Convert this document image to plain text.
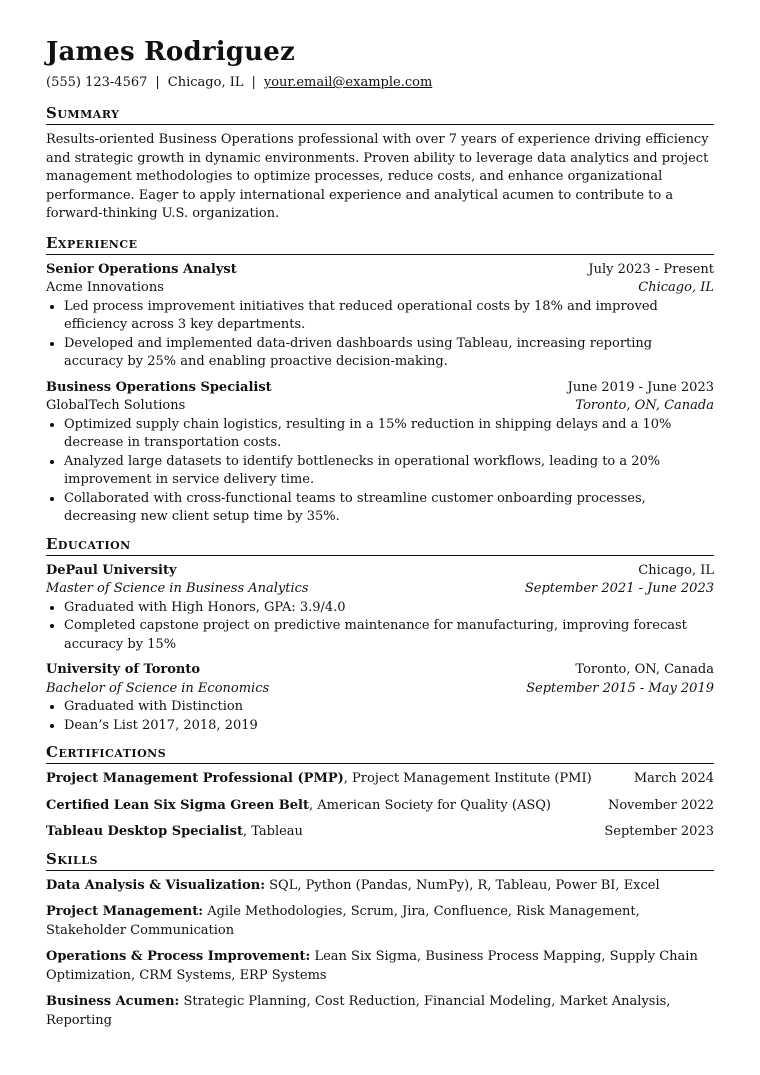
James Rodriguez
(555) 123-4567 | Chicago, IL | your.email@example.com
Summary
Results-oriented Business Operations professional with over 7 years of experience driving efficiency and strategic growth in dynamic environments. Proven ability to leverage data analytics and project management methodologies to optimize processes, reduce costs, and enhance organizational performance. Eager to apply international experience and analytical acumen to contribute to a forward-thinking U.S. organization.
Experience
Senior Operations Analyst	July 2023 - Present
Acme Innovations	Chicago, IL
• Led process improvement initiatives that reduced operational costs by 18% and improved efficiency across 3 key departments.
• Developed and implemented data-driven dashboards using Tableau, increasing reporting accuracy by 25% and enabling proactive decision-making.
Business Operations Specialist	June 2019 - June 2023
GlobalTech Solutions	Toronto, ON, Canada
• Optimized supply chain logistics, resulting in a 15% reduction in shipping delays and a 10% decrease in transportation costs.
• Analyzed large datasets to identify bottlenecks in operational workflows, leading to a 20% improvement in service delivery time.
• Collaborated with cross-functional teams to streamline customer onboarding processes, decreasing new client setup time by 35%.
Education
DePaul University	Chicago, IL
Master of Science in Business Analytics	September 2021 - June 2023
• Graduated with High Honors, GPA: 3.9/4.0
• Completed capstone project on predictive maintenance for manufacturing, improving forecast accuracy by 15%
University of Toronto	Toronto, ON, Canada
Bachelor of Science in Economics	September 2015 - May 2019
• Graduated with Distinction
• Dean’s List 2017, 2018, 2019
Certifications
Project Management Professional (PMP), Project Management Institute (PMI)	March 2024
Certified Lean Six Sigma Green Belt, American Society for Quality (ASQ)	November 2022
Tableau Desktop Specialist, Tableau	September 2023
Skills
Data Analysis & Visualization: SQL, Python (Pandas, NumPy), R, Tableau, Power BI, Excel
Project Management: Agile Methodologies, Scrum, Jira, Confluence, Risk Management, Stakeholder Communication
Operations & Process Improvement: Lean Six Sigma, Business Process Mapping, Supply Chain Optimization, CRM Systems, ERP Systems
Business Acumen: Strategic Planning, Cost Reduction, Financial Modeling, Market Analysis, Reporting
